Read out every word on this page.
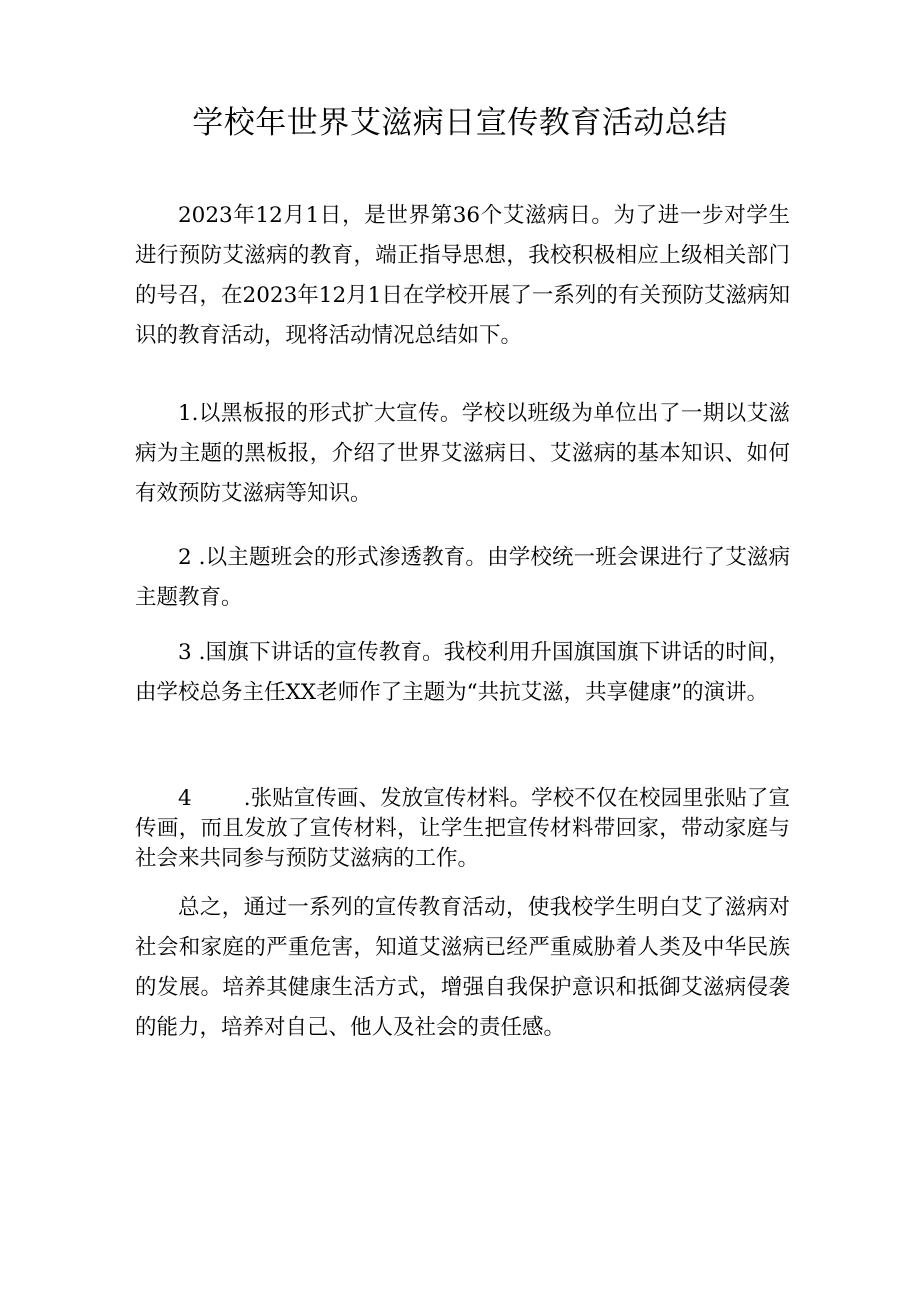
学校年世界艾滋病日宣传教育活动总结

2023年12月1日，是世界第36个艾滋病日。为了进一步对学生进行预防艾滋病的教育，端正指导思想，我校积极相应上级相关部门的号召，在2023年12月1日在学校开展了一系列的有关预防艾滋病知识的教育活动，现将活动情况总结如下。

1.以黑板报的形式扩大宣传。学校以班级为单位出了一期以艾滋病为主题的黑板报，介绍了世界艾滋病日、艾滋病的基本知识、如何有效预防艾滋病等知识。

2 .以主题班会的形式渗透教育。由学校统一班会课进行了艾滋病主题教育。

3 .国旗下讲话的宣传教育。我校利用升国旗国旗下讲话的时间，由学校总务主任XX老师作了主题为“共抗艾滋，共享健康”的演讲。

4 .张贴宣传画、发放宣传材料。学校不仅在校园里张贴了宣传画，而且发放了宣传材料，让学生把宣传材料带回家，带动家庭与社会来共同参与预防艾滋病的工作。

总之，通过一系列的宣传教育活动，使我校学生明白艾了滋病对社会和家庭的严重危害，知道艾滋病已经严重威胁着人类及中华民族的发展。培养其健康生活方式，增强自我保护意识和抵御艾滋病侵袭的能力，培养对自己、他人及社会的责任感。
